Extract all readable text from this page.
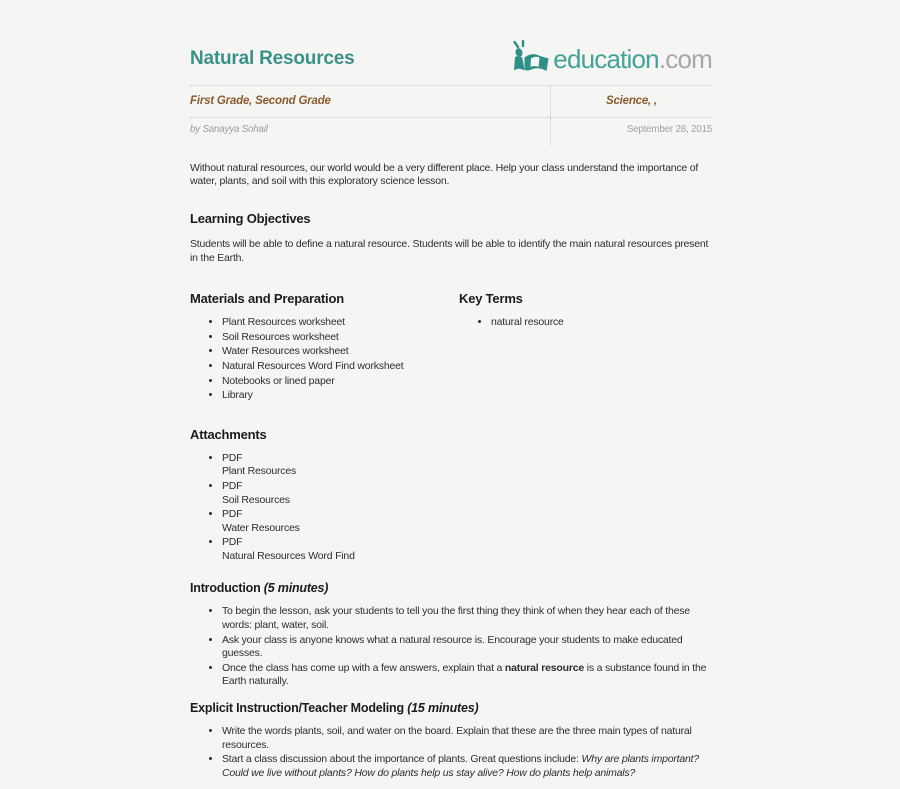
Natural Resources	education .com
First Grade, Second Grade	Science, ,
by Sanayya Sohail	September 28, 2015

Without natural resources, our world would be a very different place. Help your class understand the importance of water, plants, and soil with this exploratory science lesson.

Learning Objectives

Students will be able to define a natural resource. Students will be able to identify the main natural resources present in the Earth.

Materials and Preparation
• Plant Resources worksheet
• Soil Resources worksheet
• Water Resources worksheet
• Natural Resources Word Find worksheet
• Notebooks or lined paper
• Library
Key Terms
• natural resource
Attachments
• PDF
Plant Resources
• PDF
Soil Resources
• PDF
Water Resources
• PDF
Natural Resources Word Find
Introduction (5 minutes)
• To begin the lesson, ask your students to tell you the first thing they think of when they hear each of these words: plant, water, soil.
• Ask your class is anyone knows what a natural resource is. Encourage your students to make educated guesses.
• Once the class has come up with a few answers, explain that a natural resource is a substance found in the Earth naturally.
Explicit Instruction/Teacher Modeling (15 minutes)
• Write the words plants, soil, and water on the board. Explain that these are the three main types of natural resources.
• Start a class discussion about the importance of plants. Great questions include: Why are plants important? Could we live without plants? How do plants help us stay alive? How do plants help animals?
